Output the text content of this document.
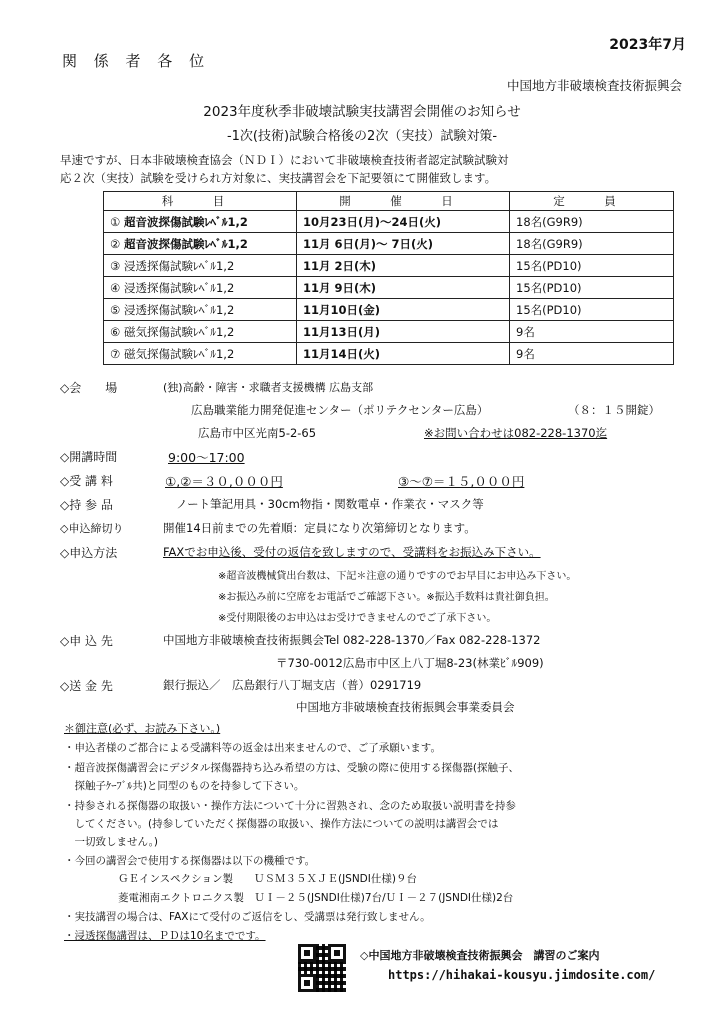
2023年7月
関 係 者 各 位
中国地方非破壊検査技術振興会
2023年度秋季非破壊試験実技講習会開催のお知らせ
-1次(技術)試験合格後の2次（実技）試験対策-
早速ですが、日本非破壊検査協会（ＮＤＩ）において非破壊検査技術者認定試験試験対
応２次（実技）試験を受けられ方対象に、実技講習会を下記要領にて開催致します。
科　目	開　催　日	定　員
① 超音波探傷試験ﾚﾍﾞﾙ1,2	10月23日(月)～24日(火)	18名(G9R9)
② 超音波探傷試験ﾚﾍﾞﾙ1,2	11月 6日(月)～ 7日(火)	18名(G9R9)
③ 浸透探傷試験ﾚﾍﾞﾙ1,2	11月 2日(木)	15名(PD10)
④ 浸透探傷試験ﾚﾍﾞﾙ1,2	11月 9日(木)	15名(PD10)
⑤ 浸透探傷試験ﾚﾍﾞﾙ1,2	11月10日(金)	15名(PD10)
⑥ 磁気探傷試験ﾚﾍﾞﾙ1,2	11月13日(月)	9名
⑦ 磁気探傷試験ﾚﾍﾞﾙ1,2	11月14日(火)	9名
◇会　　場	(独)高齢・障害・求職者支援機構 広島支部
広島職業能力開発促進センター（ポリテクセンター広島）	（８：１５開錠）
広島市中区光南5-2-65	※お問い合わせは082-228-1370迄
◇開講時間	9:00～17:00
◇受 講 料	①,②＝３０,０００円	③～⑦＝１５,０００円
◇持 参 品	ノート筆記用具・30cm物指・関数電卓・作業衣・マスク等
◇申込締切り	開催14日前までの先着順：定員になり次第締切となります。
◇申込方法	FAXでお申込後、受付の返信を致しますので、受講料をお振込み下さい。
※超音波機械貸出台数は、下記＊注意の通りですのでお早目にお申込み下さい。
※お振込み前に空席をお電話でご確認下さい。※振込手数料は貴社御負担。
※受付期限後のお申込はお受けできませんのでご了承下さい。
◇申 込 先	中国地方非破壊検査技術振興会Tel 082-228-1370／Fax 082-228-1372
〒730-0012広島市中区上八丁堀8-23(林業ﾋﾞﾙ909)
◇送 金 先	銀行振込／　広島銀行八丁堀支店（普）0291719
中国地方非破壊検査技術振興会事業委員会
＊御注意(必ず、お読み下さい。)
・申込者様のご都合による受講料等の返金は出来ませんので、ご了承願います。
・超音波探傷講習会にデジタル探傷器持ち込み希望の方は、受験の際に使用する探傷器(探触子、
　探触子ｹｰﾌﾞﾙ共)と同型のものを持参して下さい。
・持参される探傷器の取扱い・操作方法について十分に習熟され、念のため取扱い説明書を持参
　してください。(持参していただく探傷器の取扱い、操作方法についての説明は講習会では
　一切致しません。)
・今回の講習会で使用する探傷器は以下の機種です。
ＧＥインスペクション製　　ＵＳＭ３５ＸＪＥ(JSNDI仕様)９台
菱電湘南エクトロニクス製　ＵＩ－２５(JSNDI仕様)7台/ＵＩ－２７(JSNDI仕様)2台
・実技講習の場合は、FAXにて受付のご返信をし、受講票は発行致しません。
・浸透探傷講習は、ＰＤは10名までです。
◇中国地方非破壊検査技術振興会　講習のご案内
https://hihakai-kousyu.jimdosite.com/
